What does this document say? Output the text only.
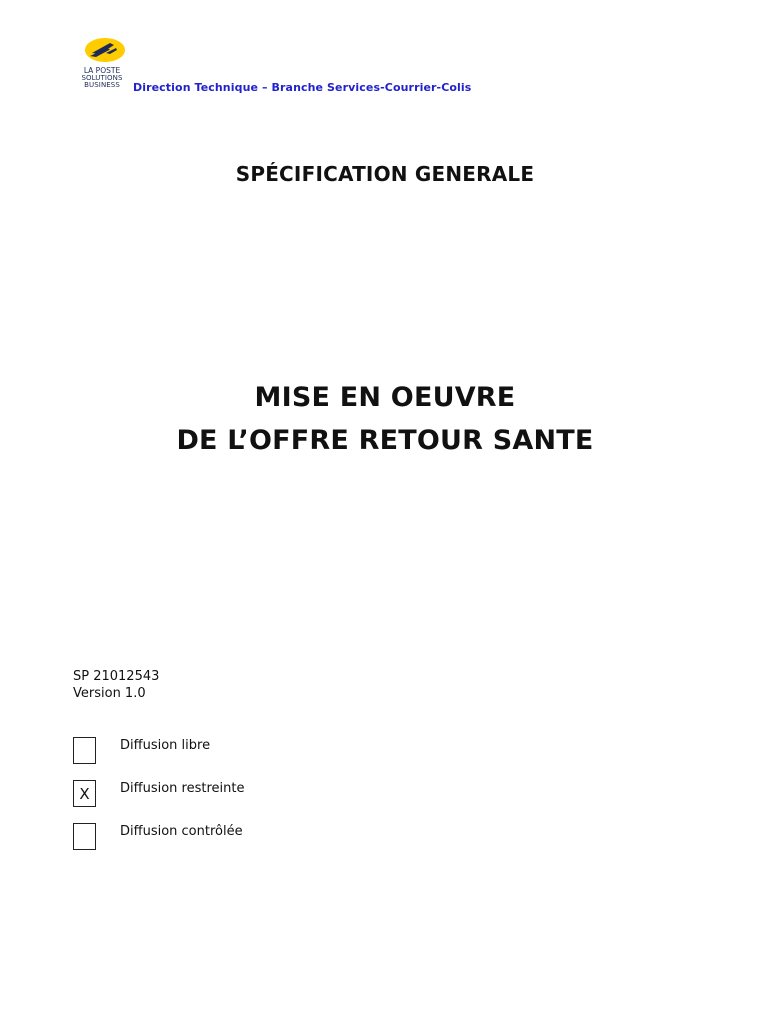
LA POSTE
SOLUTIONS
BUSINESS	Direction Technique – Branche Services-Courrier-Colis
SPÉCIFICATION GENERALE
MISE EN OEUVRE
DE L’OFFRE RETOUR SANTE
SP 21012543
Version 1.0
Diffusion libre
X	Diffusion restreinte
Diffusion contrôlée
